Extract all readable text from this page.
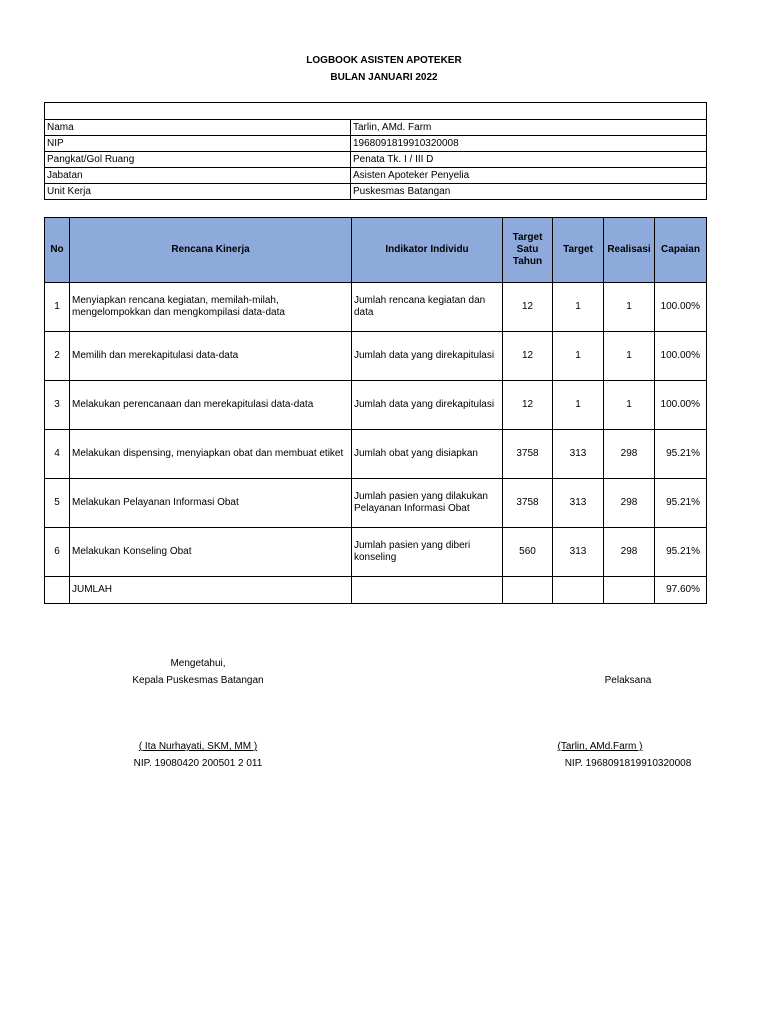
LOGBOOK ASISTEN APOTEKER
BULAN JANUARI 2022

Nama	Tarlin, AMd. Farm
NIP	196809181991032000​8
Pangkat/Gol Ruang	Penata Tk. I / III D
Jabatan	Asisten Apoteker Penyelia
Unit Kerja	Puskesmas Batangan
No	Rencana Kinerja	Indikator Individu	Target Satu Tahun	Target	Realisasi	Capaian
1	Menyiapkan rencana kegiatan, memilah-milah, mengelompokkan dan mengkompilasi data-data	Jumlah rencana kegiatan dan data	12	1	1	100.00%
2	Memilih dan merekapitulasi data-data	Jumlah data yang direkapitulasi	12	1	1	100.00%
3	Melakukan perencanaan dan merekapitulasi data-data	Jumlah data yang direkapitulasi	12	1	1	100.00%
4	Melakukan dispensing, menyiapkan obat dan membuat etiket	Jumlah obat yang disiapkan	3758	313	298	95.21%
5	Melakukan Pelayanan Informasi Obat	Jumlah pasien yang dilakukan Pelayanan Informasi Obat	3758	313	298	95.21%
6	Melakukan Konseling Obat	Jumlah pasien yang diberi konseling	560	313	298	95.21%
	JUMLAH					97.60%
Mengetahui,
Kepala Puskesmas Batangan
( Ita Nurhayati, SKM, MM )
NIP. 19080420 200501 2 011
Pelaksana
(Tarlin, AMd.Farm )
NIP. 196809181991032000​8
